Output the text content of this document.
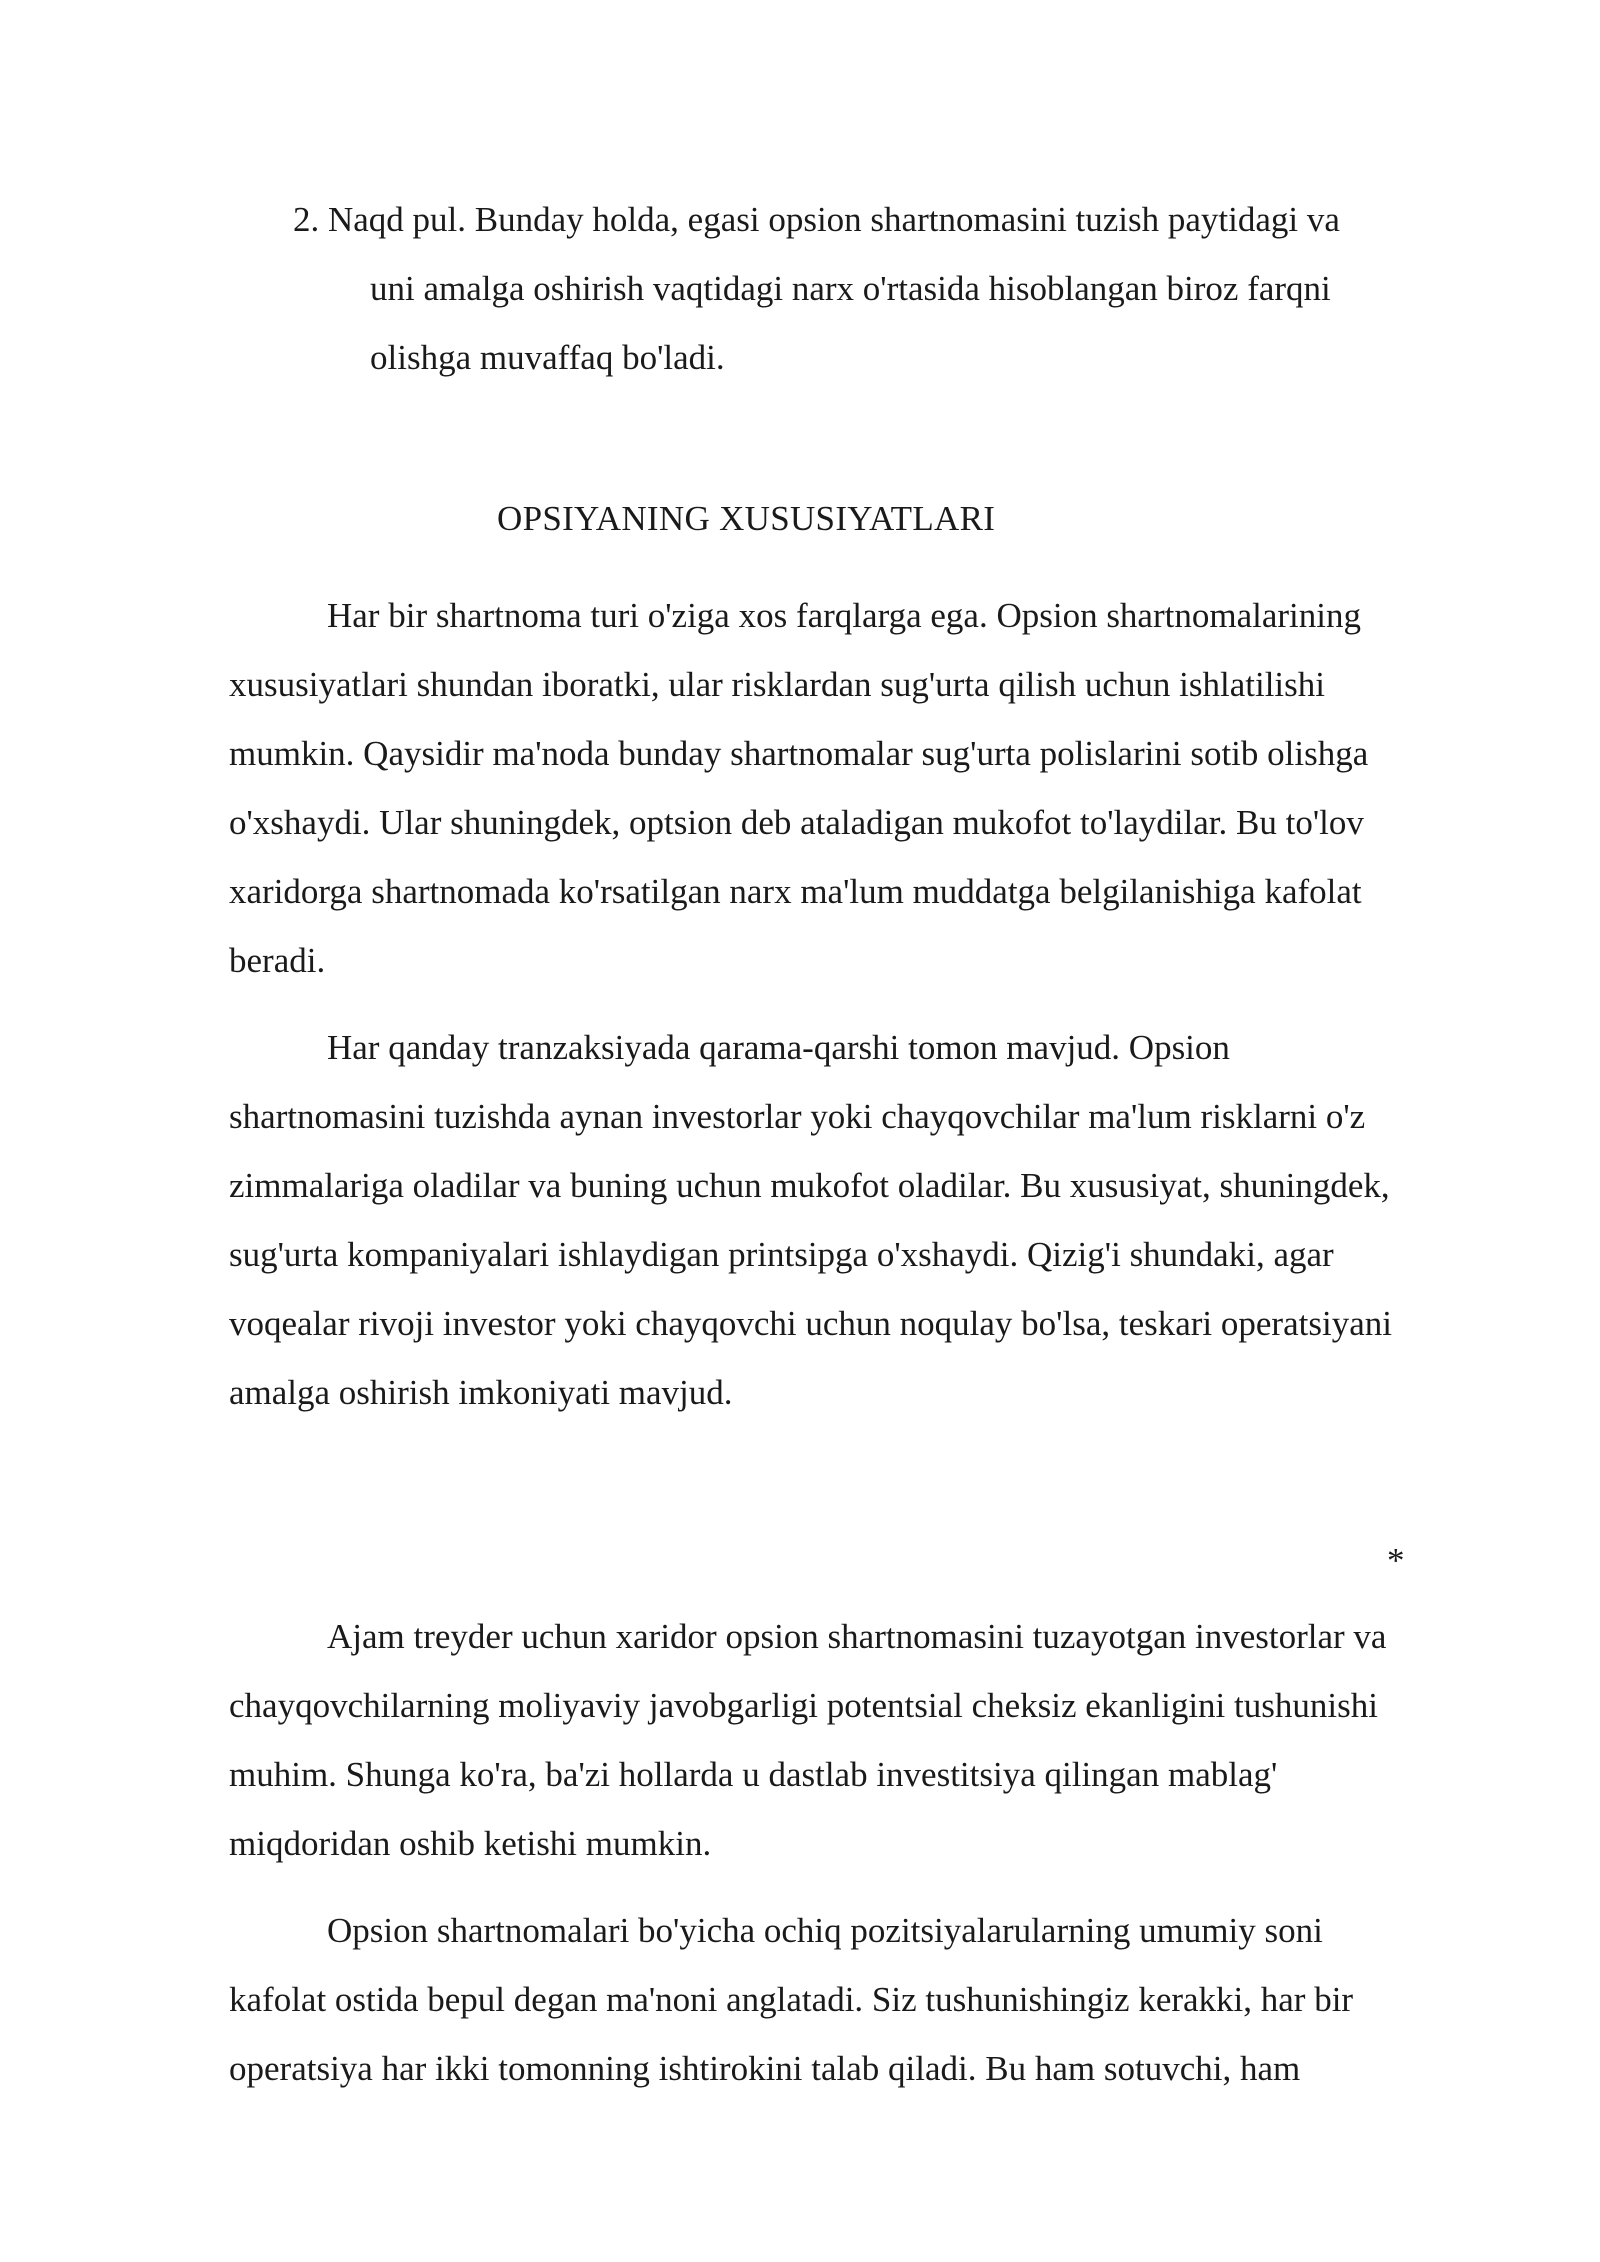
2. Naqd pul. Bunday holda, egasi opsion shartnomasini tuzish paytidagi va
uni amalga oshirish vaqtidagi narx o'rtasida hisoblangan biroz farqni
olishga muvaffaq bo'ladi.
OPSIYANING XUSUSIYATLARI
Har bir shartnoma turi o'ziga xos farqlarga ega. Opsion shartnomalarining
xususiyatlari shundan iboratki, ular risklardan sug'urta qilish uchun ishlatilishi
mumkin. Qaysidir ma'noda bunday shartnomalar sug'urta polislarini sotib olishga
o'xshaydi. Ular shuningdek, optsion deb ataladigan mukofot to'laydilar. Bu to'lov
xaridorga shartnomada ko'rsatilgan narx ma'lum muddatga belgilanishiga kafolat
beradi.
Har qanday tranzaksiyada qarama-qarshi tomon mavjud. Opsion
shartnomasini tuzishda aynan investorlar yoki chayqovchilar ma'lum risklarni o'z
zimmalariga oladilar va buning uchun mukofot oladilar. Bu xususiyat, shuningdek,
sug'urta kompaniyalari ishlaydigan printsipga o'xshaydi. Qizig'i shundaki, agar
voqealar rivoji investor yoki chayqovchi uchun noqulay bo'lsa, teskari operatsiyani
amalga oshirish imkoniyati mavjud.
*
Ajam treyder uchun xaridor opsion shartnomasini tuzayotgan investorlar va
chayqovchilarning moliyaviy javobgarligi potentsial cheksiz ekanligini tushunishi
muhim. Shunga ko'ra, ba'zi hollarda u dastlab investitsiya qilingan mablag'
miqdoridan oshib ketishi mumkin.
Opsion shartnomalari bo'yicha ochiq pozitsiyalarularning umumiy soni
kafolat ostida bepul degan ma'noni anglatadi. Siz tushunishingiz kerakki, har bir
operatsiya har ikki tomonning ishtirokini talab qiladi. Bu ham sotuvchi, ham
